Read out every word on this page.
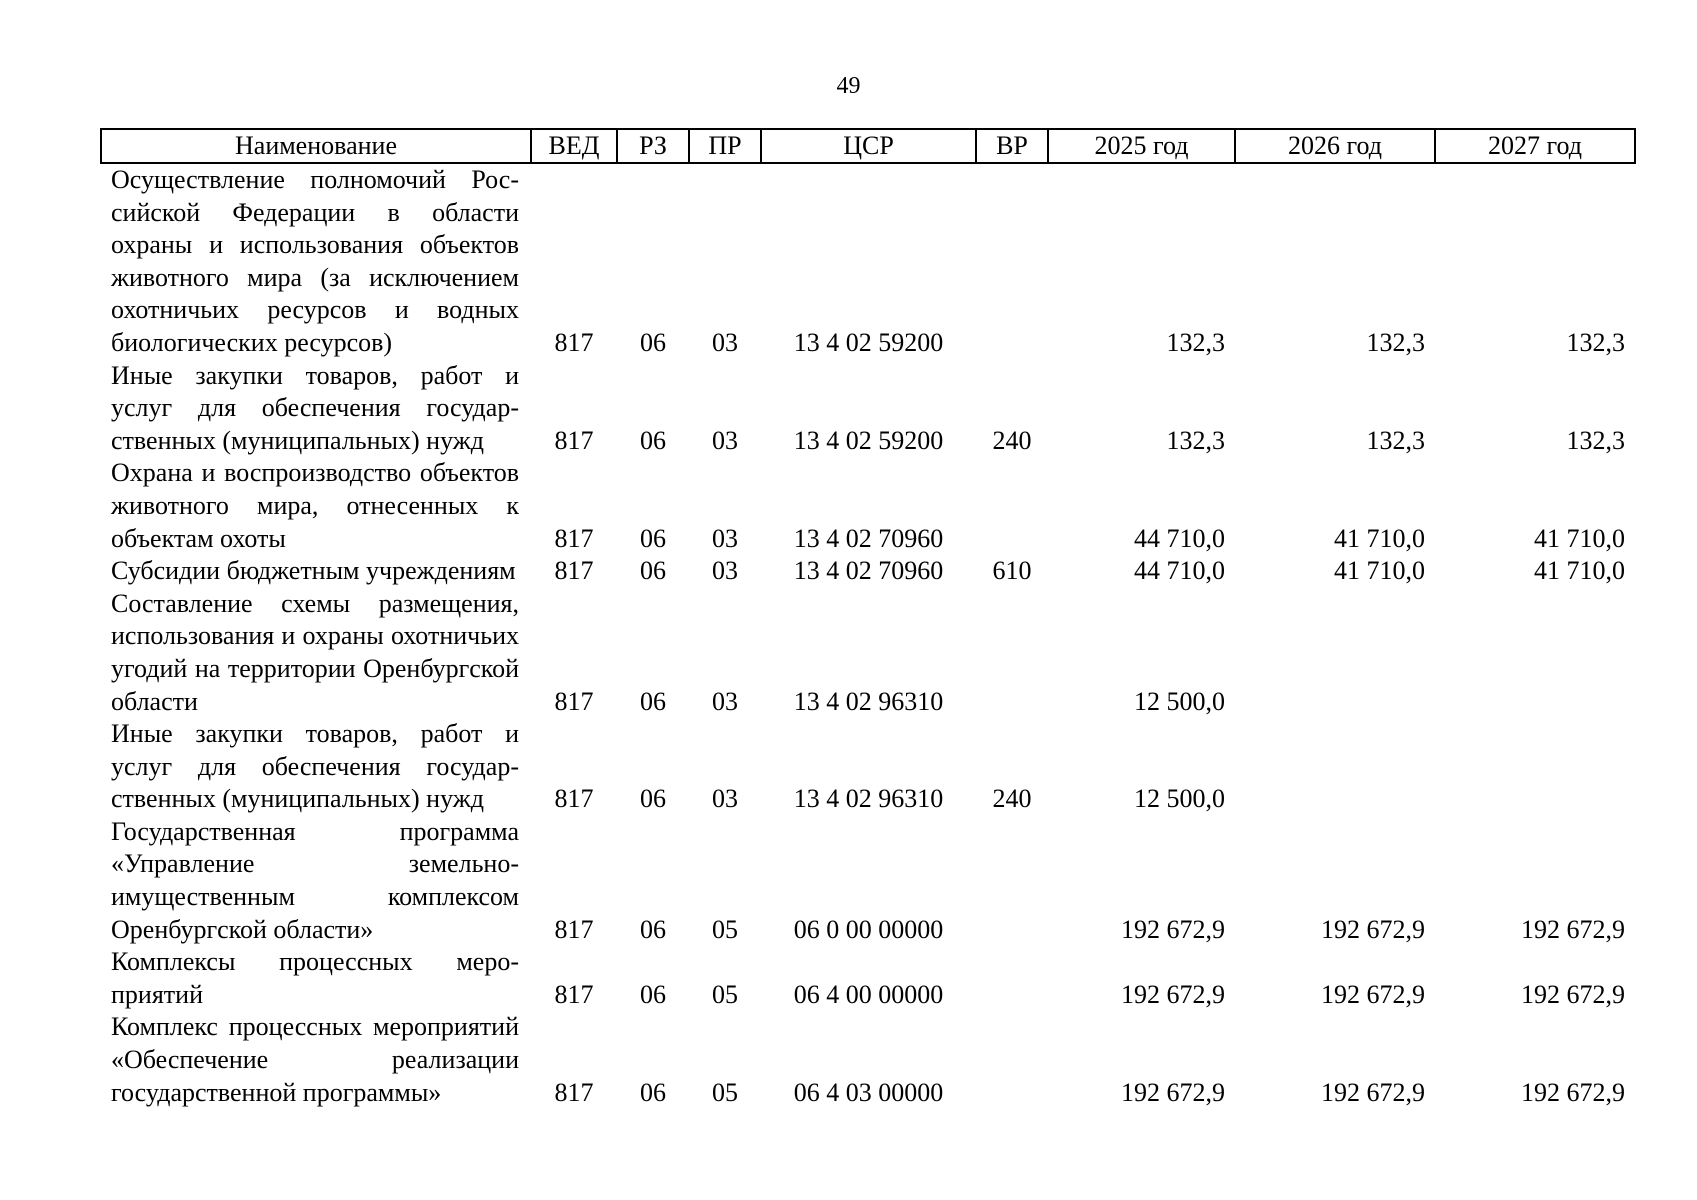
49
Наименование	ВЕД	РЗ	ПР	ЦСР	ВР	2025 год	2026 год	2027 год
Осуществление полномочий Российской Федерации в области охраны и использования объектов животного мира (за исключением охотничьих ресурсов и водных биологических ресурсов)	817	06	03	13 4 02 59200		132,3	132,3	132,3
Иные закупки товаров, работ и услуг для обеспечения государственных (муниципальных) нужд	817	06	03	13 4 02 59200	240	132,3	132,3	132,3
Охрана и воспроизводство объектов животного мира, отнесенных к объектам охоты	817	06	03	13 4 02 70960		44 710,0	41 710,0	41 710,0
Субсидии бюджетным учреждениям	817	06	03	13 4 02 70960	610	44 710,0	41 710,0	41 710,0
Составление схемы размещения, использования и охраны охотничьих угодий на территории Оренбургской области	817	06	03	13 4 02 96310		12 500,0		
Иные закупки товаров, работ и услуг для обеспечения государственных (муниципальных) нужд	817	06	03	13 4 02 96310	240	12 500,0		
Государственная программа «Управление земельно-имущественным комплексом Оренбургской области»	817	06	05	06 0 00 00000		192 672,9	192 672,9	192 672,9
Комплексы процессных мероприятий	817	06	05	06 4 00 00000		192 672,9	192 672,9	192 672,9
Комплекс процессных мероприятий «Обеспечение реализации государственной программы»	817	06	05	06 4 03 00000		192 672,9	192 672,9	192 672,9
